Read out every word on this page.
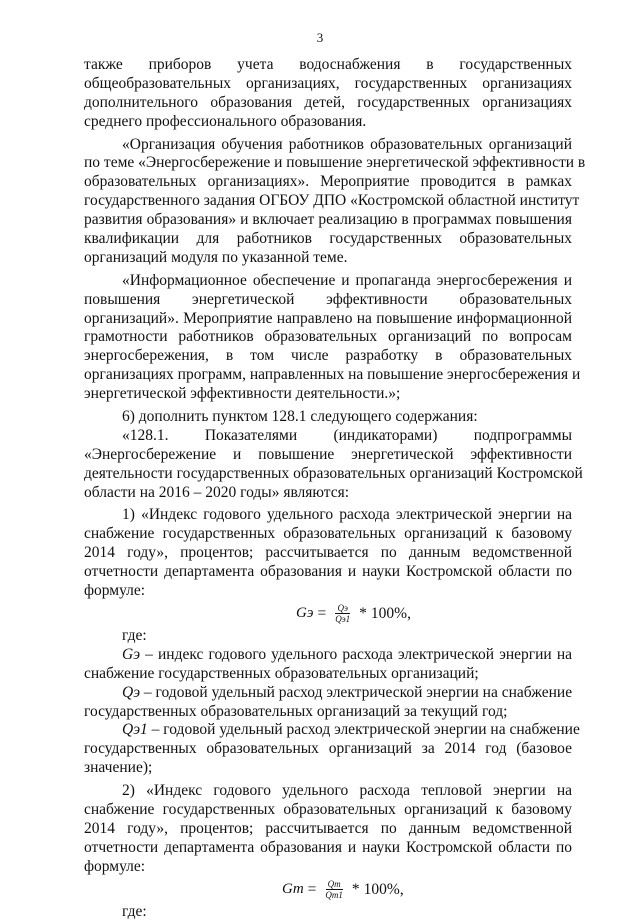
3
также приборов учета водоснабжения в государственных
общеобразовательных организациях, государственных организациях
дополнительного образования детей, государственных организациях
среднего профессионального образования.
«Организация обучения работников образовательных организаций
по теме «Энергосбережение и повышение энергетической эффективности в
образовательных организациях». Мероприятие проводится в рамках
государственного задания ОГБОУ ДПО «Костромской областной институт
развития образования» и включает реализацию в программах повышения
квалификации для работников государственных образовательных
организаций модуля по указанной теме.
«Информационное обеспечение и пропаганда энергосбережения и
повышения энергетической эффективности образовательных
организаций». Мероприятие направлено на повышение информационной
грамотности работников образовательных организаций по вопросам
энергосбережения, в том числе разработку в образовательных
организациях программ, направленных на повышение энергосбережения и
энергетической эффективности деятельности.»;
6) дополнить пунктом 128.1 следующего содержания:
«128.1. Показателями (индикаторами) подпрограммы
«Энергосбережение и повышение энергетической эффективности
деятельности государственных образовательных организаций Костромской
области на 2016 – 2020 годы» являются:
1) «Индекс годового удельного расхода электрической энергии на
снабжение государственных образовательных организаций к базовому
2014 году», процентов; рассчитывается по данным ведомственной
отчетности департамента образования и науки Костромской области по
формуле:
Gэ = $\frac{Qэ}{Qэ1} * 100\%$,
где:
Gэ – индекс годового удельного расхода электрической энергии на
снабжение государственных образовательных организаций;
Qэ – годовой удельный расход электрической энергии на снабжение
государственных образовательных организаций за текущий год;
Qэ1 – годовой удельный расход электрической энергии на снабжение
государственных образовательных организаций за 2014 год (базовое
значение);
2) «Индекс годового удельного расхода тепловой энергии на
снабжение государственных образовательных организаций к базовому
2014 году», процентов; рассчитывается по данным ведомственной
отчетности департамента образования и науки Костромской области по
формуле:
Gт = $\frac{Qт}{Qт1} * 100\%$,
где:
